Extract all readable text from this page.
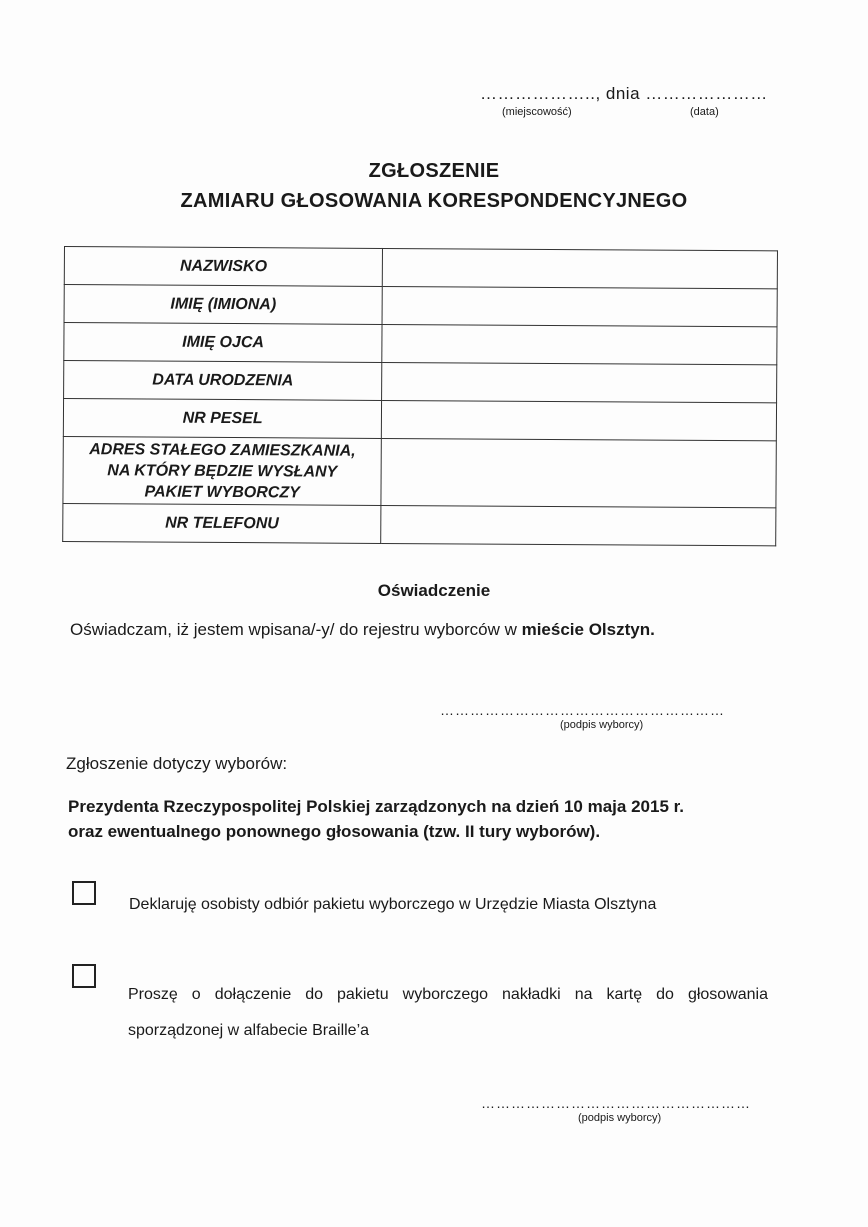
……………….., dnia …………………
(miejscowość)	(data)
ZGŁOSZENIE
ZAMIARU GŁOSOWANIA KORESPONDENCYJNEGO
NAZWISKO	
IMIĘ (IMIONA)	
IMIĘ OJCA	
DATA URODZENIA	
NR PESEL	

ADRES STAŁEGO ZAMIESZKANIA,
NA KTÓRY BĘDZIE WYSŁANY
PAKIET WYBORCZY	

NR TELEFONU	
Oświadczenie
Oświadczam, iż jestem wpisana/-y/ do rejestru wyborców w mieście Olsztyn.
…………………………………………………
(podpis wyborcy)
Zgłoszenie dotyczy wyborów:
Prezydenta Rzeczypospolitej Polskiej zarządzonych na dzień 10 maja 2015 r.
oraz ewentualnego ponownego głosowania (tzw. II tury wyborów).
Deklaruję osobisty odbiór pakietu wyborczego w Urzędzie Miasta Olsztyna
Proszę o dołączenie do pakietu wyborczego nakładki na kartę do głosowania sporządzonej w alfabecie Braille’a
………………………………………………
(podpis wyborcy)
